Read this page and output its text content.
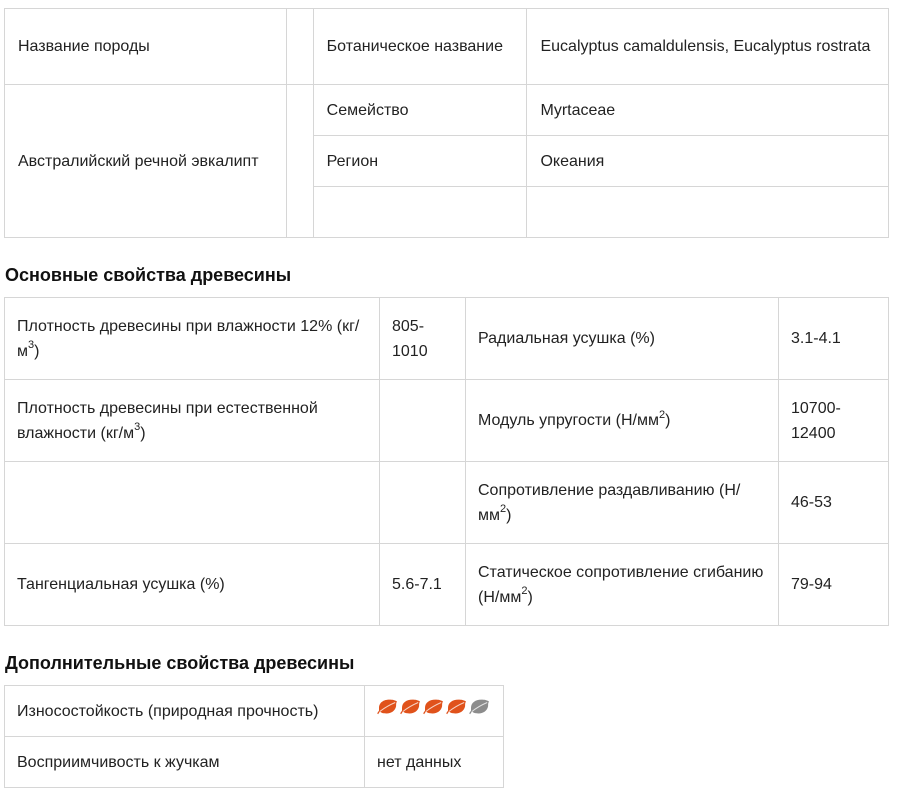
Название породы		Ботаническое название	Eucalyptus camaldulensis, Eucalyptus rostrata
Австралийский речной эвкалипт		Семейство	Myrtaceae
		Регион	Океания

Основные свойства древесины
Плотность древесины при влажности 12% $(кг/м^3)$	805-1010	Радиальная усушка (%)	3.1-4.1
Плотность древесины при естественной влажности $(кг/м^3)$		Модуль упругости $(Н/мм^2)$	10700-12400
		Сопротивление раздавливанию $(Н/мм^2)$	46-53
Тангенциальная усушка (%)	5.6-7.1	Статическое сопротивление сгибанию $(Н/мм^2)$	79-94
Дополнительные свойства древесины
Износостойкость (природная прочность)	

Восприимчивость к жучкам	нет данных
